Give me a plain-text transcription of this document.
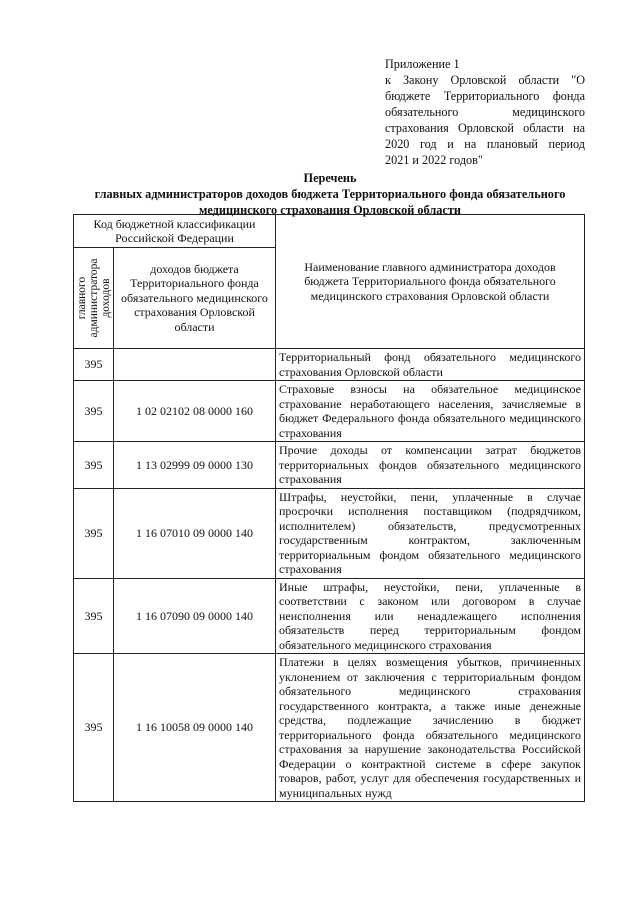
Приложение 1
к Закону Орловской области "О
бюджете Территориального фонда
обязательного медицинского
страхования Орловской области на
2020 год и на плановый период
2021 и 2022 годов"
Перечень
главных администраторов доходов бюджета Территориального фонда обязательного
медицинского страхования Орловской области
Код бюджетной классификации Российской Федерации		Наименование главного администратора доходов бюджета Территориального фонда обязательного медицинского страхования Орловской области

главного администратора доходов	доходов бюджета Территориального фонда обязательного медицинского страхования Орловской области	
395		Территориальный фонд обязательного медицинского страхования Орловской области
395	1 02 02102 08 0000 160	Страховые взносы на обязательное медицинское страхование неработающего населения, зачисляемые в бюджет Федерального фонда обязательного медицинского страхования
395	1 13 02999 09 0000 130	Прочие доходы от компенсации затрат бюджетов территориальных фондов обязательного медицинского страхования
395	1 16 07010 09 0000 140	Штрафы, неустойки, пени, уплаченные в случае просрочки исполнения поставщиком (подрядчиком, исполнителем) обязательств, предусмотренных государственным контрактом, заключенным территориальным фондом обязательного медицинского страхования
395	1 16 07090 09 0000 140	Иные штрафы, неустойки, пени, уплаченные в соответствии с законом или договором в случае неисполнения или ненадлежащего исполнения обязательств перед территориальным фондом обязательного медицинского страхования
395	1 16 10058 09 0000 140	Платежи в целях возмещения убытков, причиненных уклонением от заключения с территориальным фондом обязательного медицинского страхования государственного контракта, а также иные денежные средства, подлежащие зачислению в бюджет территориального фонда обязательного медицинского страхования за нарушение законодательства Российской Федерации о контрактной системе в сфере закупок товаров, работ, услуг для обеспечения государственных и муниципальных нужд
